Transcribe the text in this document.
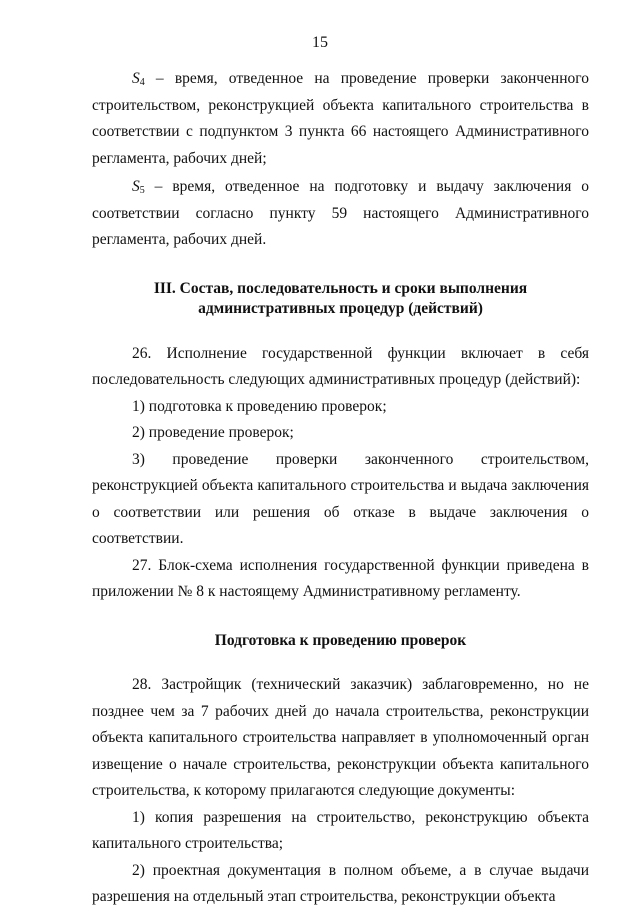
15

$S_4$ – время, отведенное на проведение проверки законченного строительством, реконструкцией объекта капитального строительства в соответствии с подпунктом 3 пункта 66 настоящего Административного регламента, рабочих дней;

$S_5$ – время, отведенное на подготовку и выдачу заключения о соответствии согласно пункту 59 настоящего Административного регламента, рабочих дней.

III. Состав, последовательность и сроки выполнения
административных процедур (действий)

26. Исполнение государственной функции включает в себя последовательность следующих административных процедур (действий):

1) подготовка к проведению проверок;

2) проведение проверок;

3) проведение проверки законченного строительством, реконструкцией объекта капитального строительства и выдача заключения о соответствии или решения об отказе в выдаче заключения о соответствии.

27. Блок-схема исполнения государственной функции приведена в приложении № 8 к настоящему Административному регламенту.

Подготовка к проведению проверок

28. Застройщик (технический заказчик) заблаговременно, но не позднее чем за 7 рабочих дней до начала строительства, реконструкции объекта капитального строительства направляет в уполномоченный орган извещение о начале строительства, реконструкции объекта капитального строительства, к которому прилагаются следующие документы:

1) копия разрешения на строительство, реконструкцию объекта капитального строительства;

2) проектная документация в полном объеме, а в случае выдачи разрешения на отдельный этап строительства, реконструкции объекта
